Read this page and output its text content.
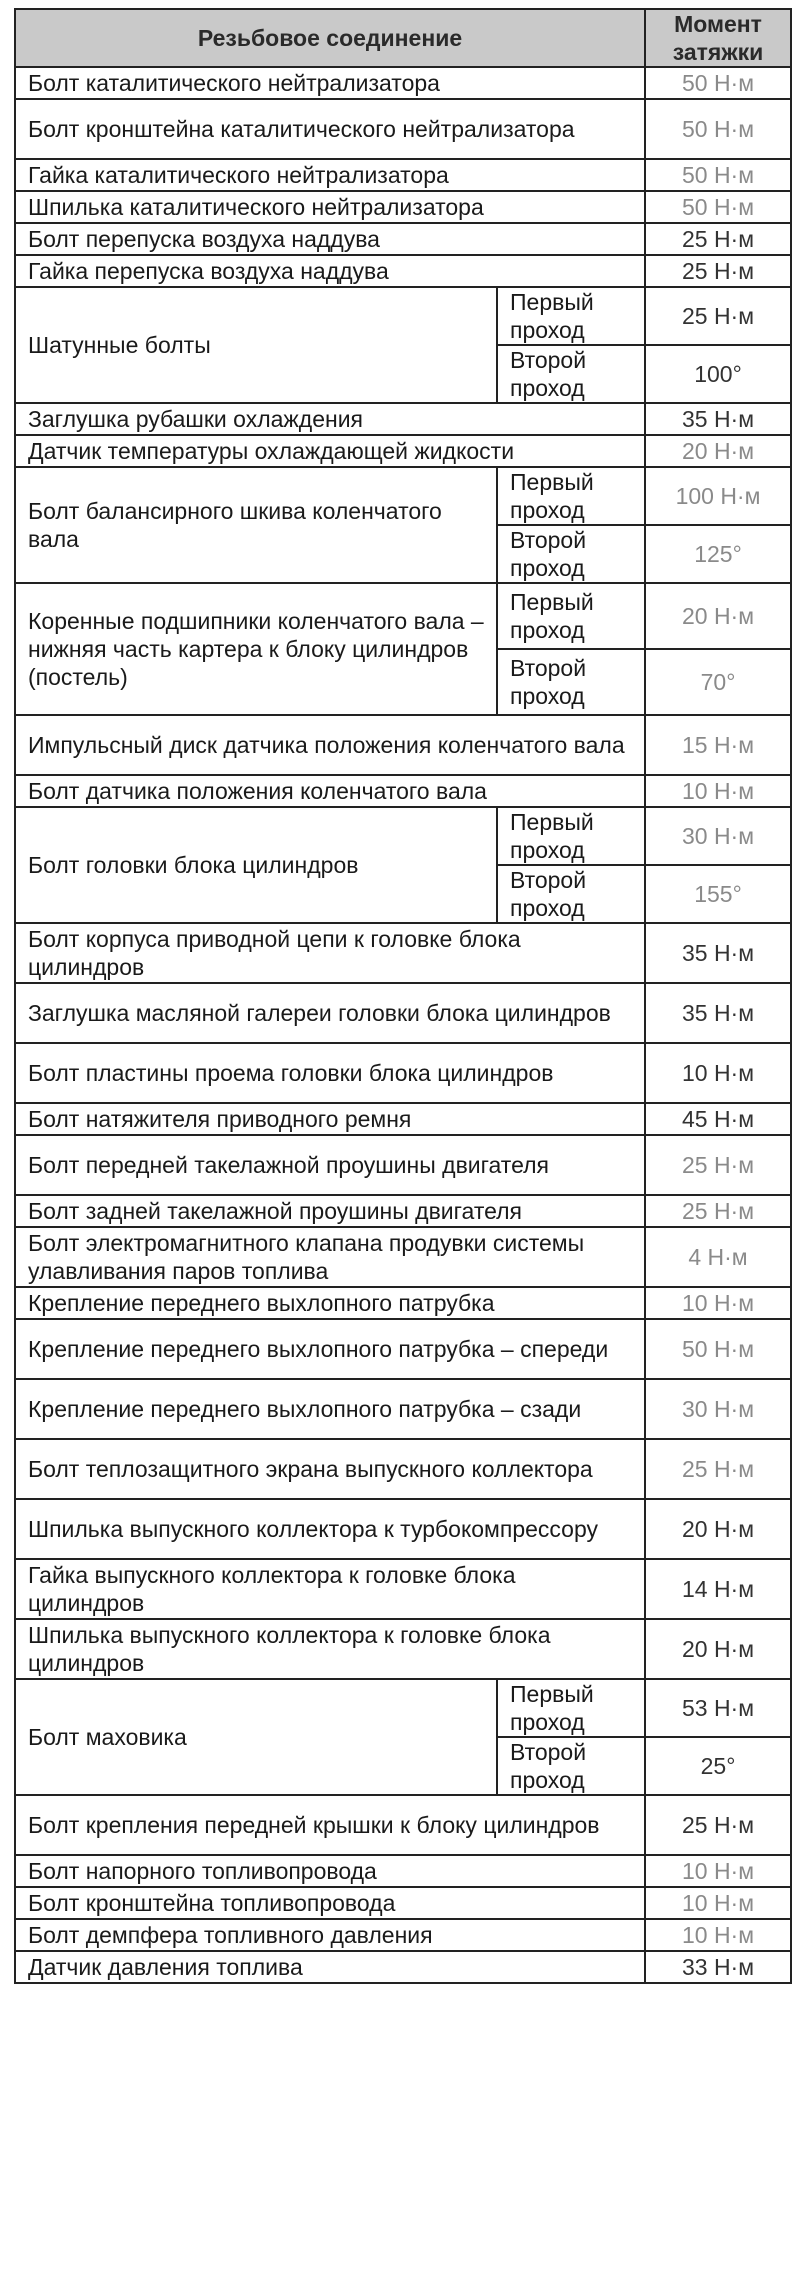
Резьбовое соединение		Момент затяжки
Болт каталитического нейтрализатора		50 Н·м
Болт кронштейна каталитического нейтрализатора		50 Н·м
Гайка каталитического нейтрализатора		50 Н·м
Шпилька каталитического нейтрализатора		50 Н·м
Болт перепуска воздуха наддува		25 Н·м
Гайка перепуска воздуха наддува		25 Н·м
Шатунные болты	Первый проход	25 Н·м
	Второй проход	100°
Заглушка рубашки охлаждения		35 Н·м
Датчик температуры охлаждающей жидкости		20 Н·м
Болт балансирного шкива коленчатого вала	Первый проход	100 Н·м
	Второй проход	125°
Коренные подшипники коленчатого вала – нижняя часть картера к блоку цилиндров (постель)	Первый проход	20 Н·м
	Второй проход	70°
Импульсный диск датчика положения коленчатого вала		15 Н·м
Болт датчика положения коленчатого вала		10 Н·м
Болт головки блока цилиндров	Первый проход	30 Н·м
	Второй проход	155°
Болт корпуса приводной цепи к головке блока цилиндров		35 Н·м
Заглушка масляной галереи головки блока цилиндров		35 Н·м
Болт пластины проема головки блока цилиндров		10 Н·м
Болт натяжителя приводного ремня		45 Н·м
Болт передней такелажной проушины двигателя		25 Н·м
Болт задней такелажной проушины двигателя		25 Н·м
Болт электромагнитного клапана продувки системы улавливания паров топлива		4 Н·м
Крепление переднего выхлопного патрубка		10 Н·м
Крепление переднего выхлопного патрубка – спереди		50 Н·м
Крепление переднего выхлопного патрубка – сзади		30 Н·м
Болт теплозащитного экрана выпускного коллектора		25 Н·м
Шпилька выпускного коллектора к турбокомпрессору		20 Н·м
Гайка выпускного коллектора к головке блока цилиндров		14 Н·м
Шпилька выпускного коллектора к головке блока цилиндров		20 Н·м
Болт маховика	Первый проход	53 Н·м
	Второй проход	25°
Болт крепления передней крышки к блоку цилиндров		25 Н·м
Болт напорного топливопровода		10 Н·м
Болт кронштейна топливопровода		10 Н·м
Болт демпфера топливного давления		10 Н·м
Датчик давления топлива		33 Н·м
